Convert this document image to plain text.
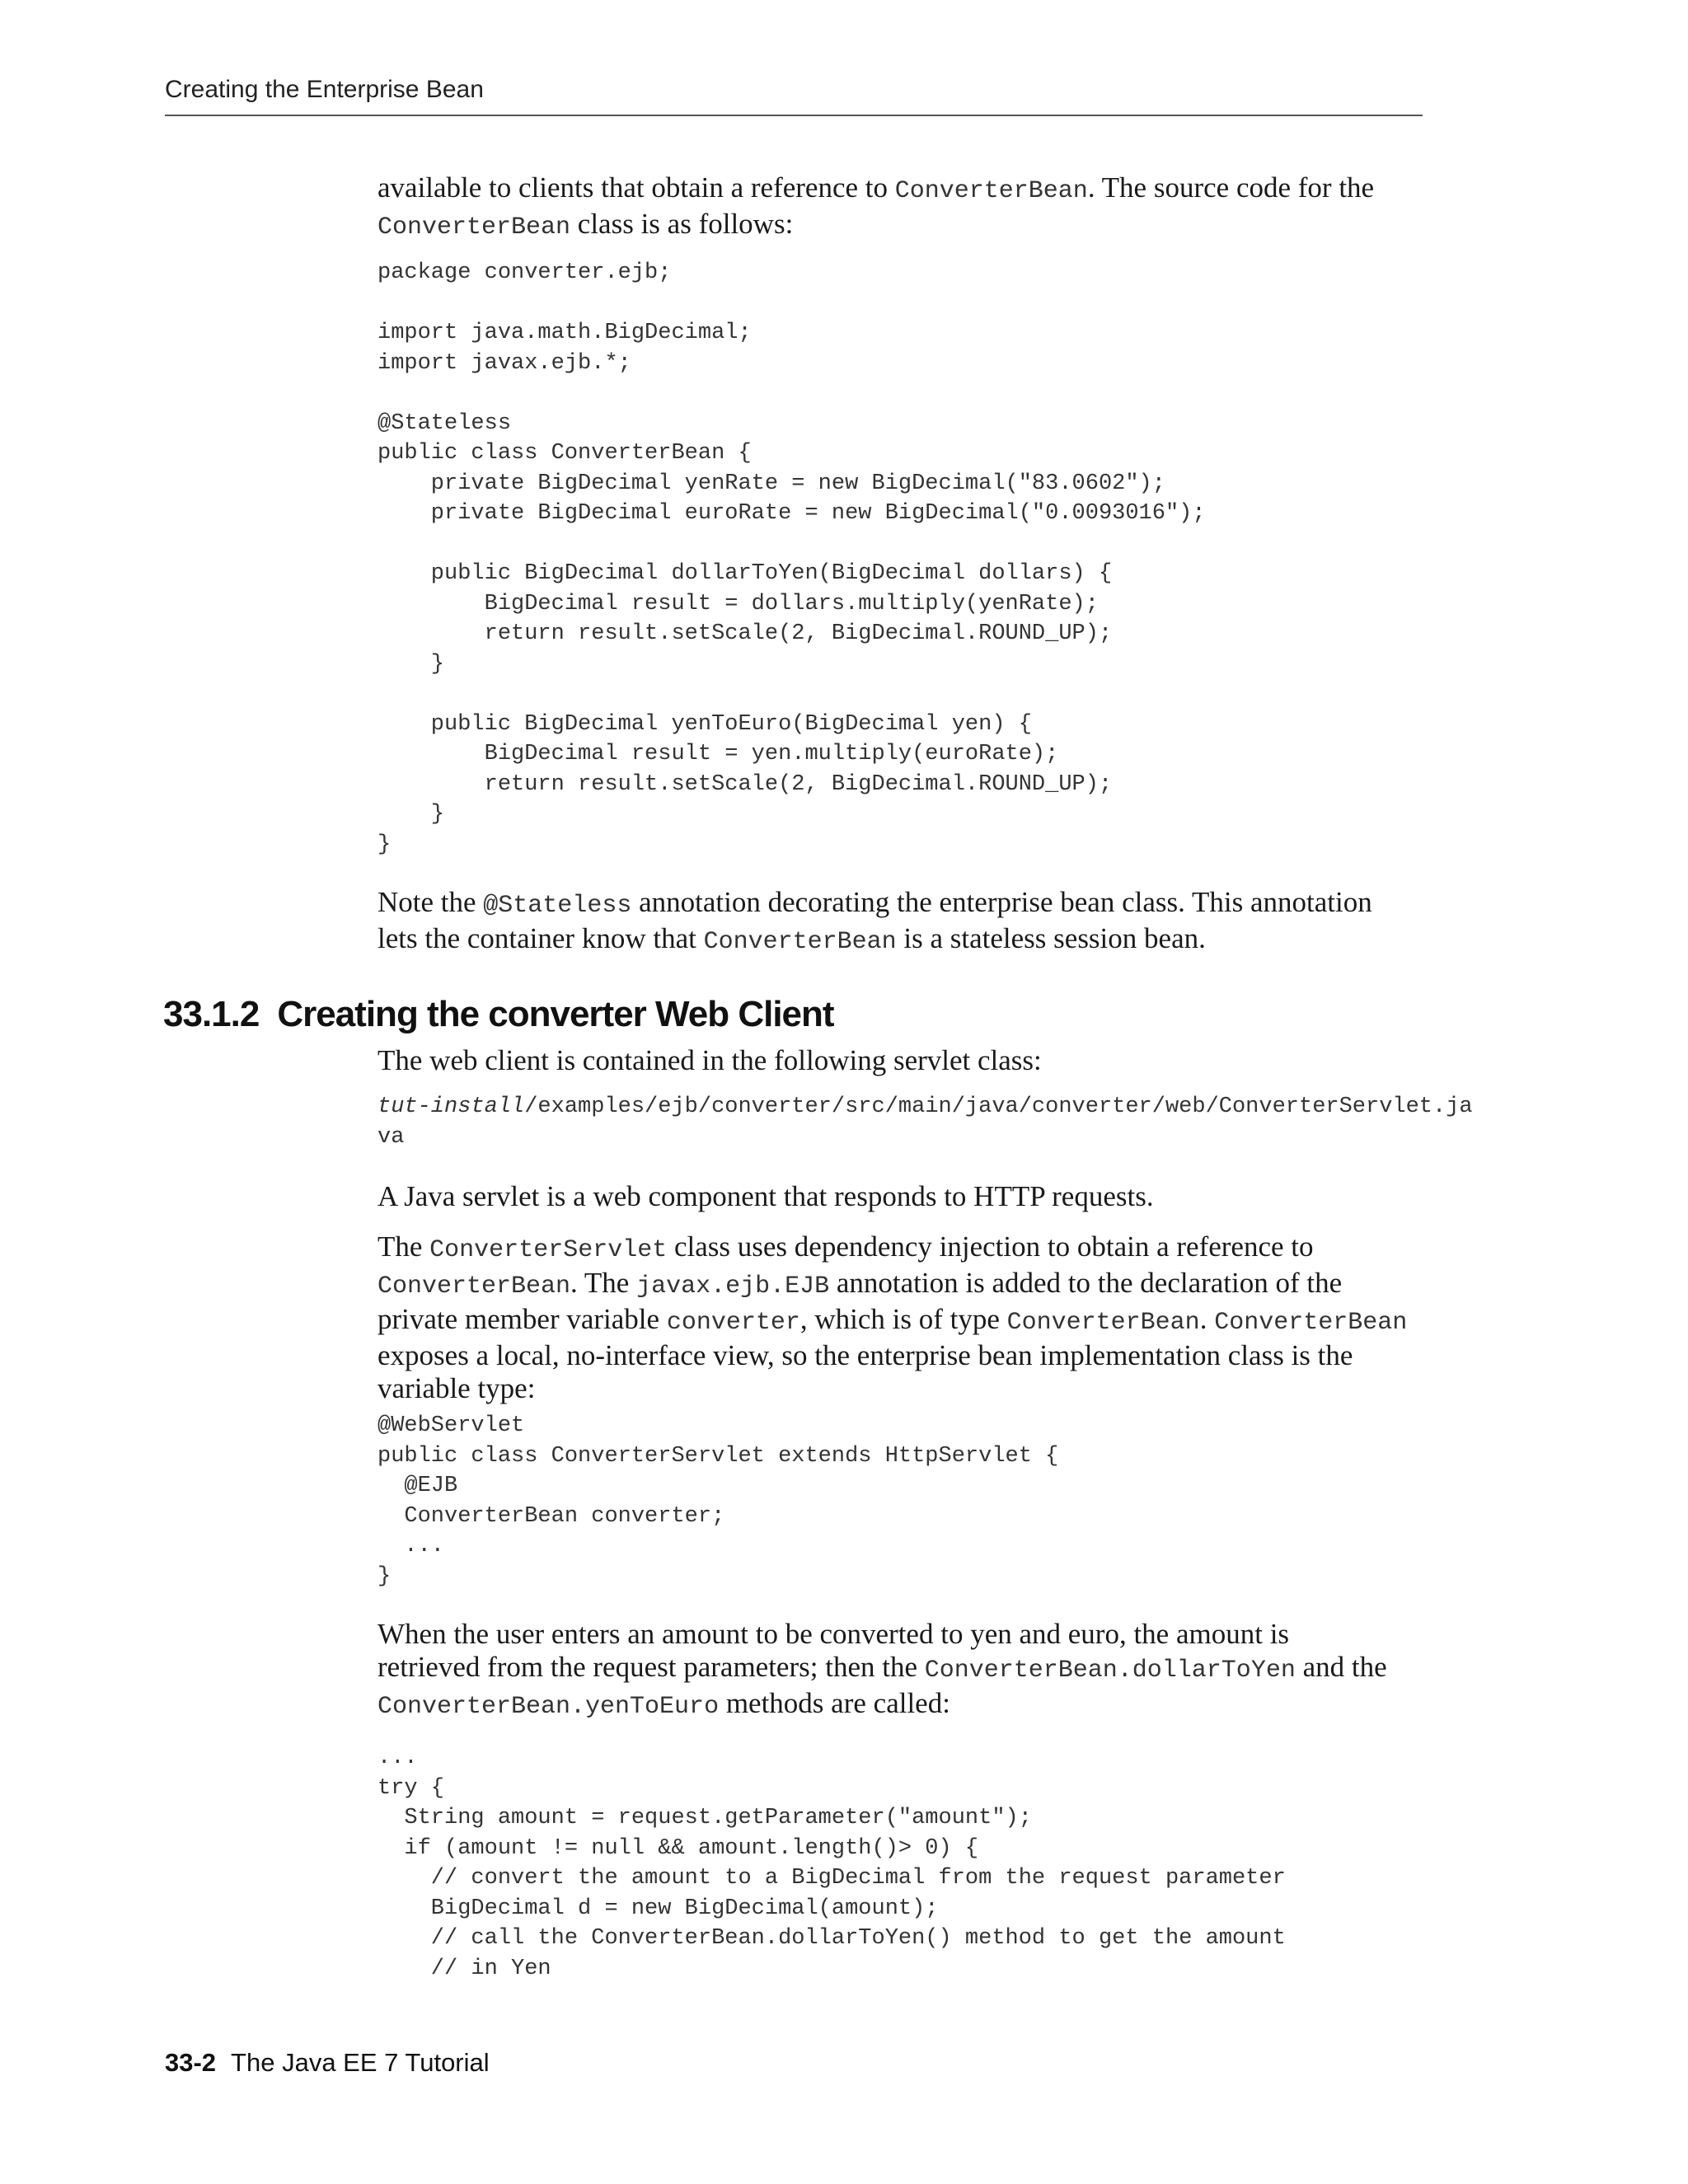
Creating the Enterprise Bean

available to clients that obtain a reference to ConverterBean. The source code for the
ConverterBean class is as follows:

package converter.ejb;
import java.math.BigDecimal;
import javax.ejb.*;
@Stateless
public class ConverterBean {
private BigDecimal yenRate = new BigDecimal("83.0602");
private BigDecimal euroRate = new BigDecimal("0.0093016");
public BigDecimal dollarToYen(BigDecimal dollars) {
BigDecimal result = dollars.multiply(yenRate);
return result.setScale(2, BigDecimal.ROUND_UP);
}
public BigDecimal yenToEuro(BigDecimal yen) {
BigDecimal result = yen.multiply(euroRate);
return result.setScale(2, BigDecimal.ROUND_UP);
}
}

Note the @Stateless annotation decorating the enterprise bean class. This annotation
lets the container know that ConverterBean is a stateless session bean.

33.1.2 Creating the converter Web Client

The web client is contained in the following servlet class:

tut-install/examples/ejb/converter/src/main/java/converter/web/ConverterServlet.ja
va

A Java servlet is a web component that responds to HTTP requests.

The ConverterServlet class uses dependency injection to obtain a reference to
ConverterBean. The javax.ejb.EJB annotation is added to the declaration of the
private member variable converter, which is of type ConverterBean. ConverterBean
exposes a local, no-interface view, so the enterprise bean implementation class is the
variable type:

@WebServlet
public class ConverterServlet extends HttpServlet {
@EJB
ConverterBean converter;
...
}

When the user enters an amount to be converted to yen and euro, the amount is
retrieved from the request parameters; then the ConverterBean.dollarToYen and the
ConverterBean.yenToEuro methods are called:

...
try {
String amount = request.getParameter("amount");
if (amount != null && amount.length()> 0) {
// convert the amount to a BigDecimal from the request parameter
BigDecimal d = new BigDecimal(amount);
// call the ConverterBean.dollarToYen() method to get the amount
// in Yen
33-2 The Java EE 7 Tutorial
